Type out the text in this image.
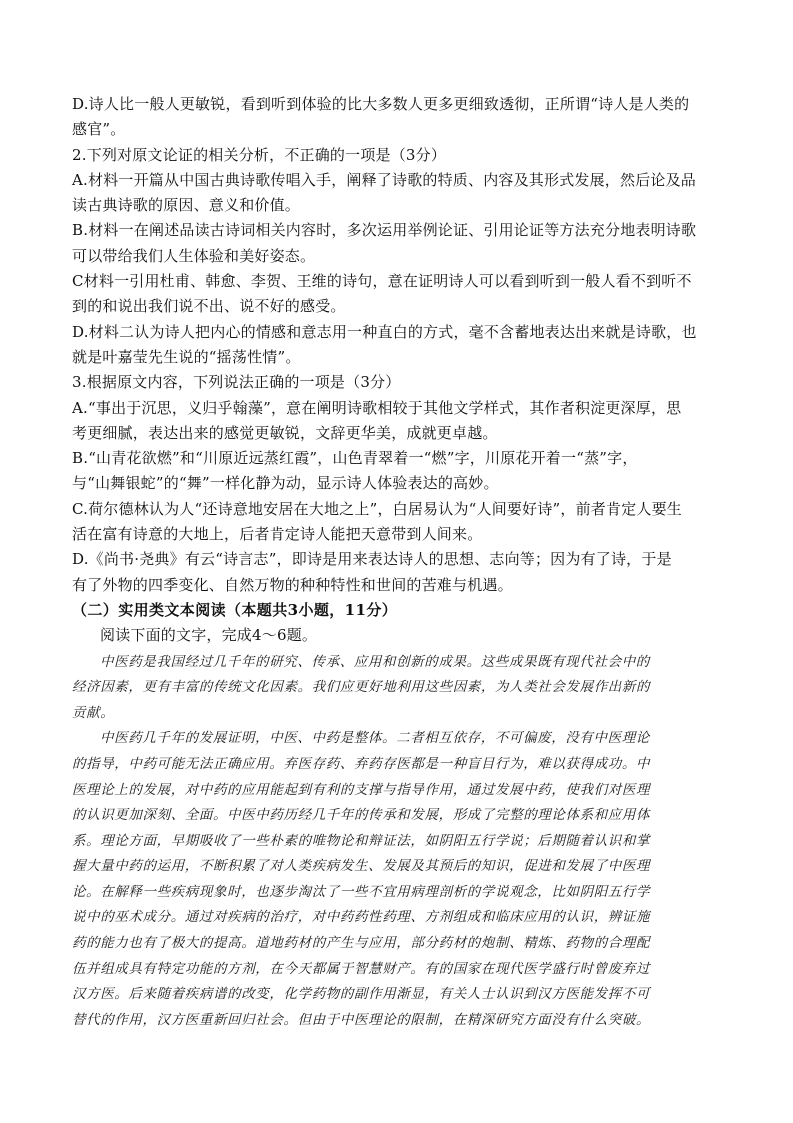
D.诗人比一般人更敏锐，看到听到体验的比大多数人更多更细致透彻，正所谓“诗人是人类的
感官”。
2.下列对原文论证的相关分析，不正确的一项是（3分）
A.材料一开篇从中国古典诗歌传唱入手，阐释了诗歌的特质、内容及其形式发展，然后论及品
读古典诗歌的原因、意义和价值。
B.材料一在阐述品读古诗词相关内容时，多次运用举例论证、引用论证等方法充分地表明诗歌
可以带给我们人生体验和美好姿态。
C材料一引用杜甫、韩愈、李贺、王维的诗句，意在证明诗人可以看到听到一般人看不到听不
到的和说出我们说不出、说不好的感受。
D.材料二认为诗人把内心的情感和意志用一种直白的方式，毫不含蓄地表达出来就是诗歌，也
就是叶嘉莹先生说的“摇荡性情”。
3.根据原文内容，下列说法正确的一项是（3分）
A.“事出于沉思，义归乎翰藻”，意在阐明诗歌相较于其他文学样式，其作者积淀更深厚，思
考更细腻，表达出来的感觉更敏锐，文辞更华美，成就更卓越。
B.“山青花欲燃”和“川原近远蒸红霞”，山色青翠着一“燃”字，川原花开着一“蒸”字，
与“山舞银蛇”的“舞”一样化静为动，显示诗人体验表达的高妙。
C.荷尔德林认为人“还诗意地安居在大地之上”，白居易认为“人间要好诗”，前者肯定人要生
活在富有诗意的大地上，后者肯定诗人能把天意带到人间来。
D.《尚书·尧典》有云“诗言志”，即诗是用来表达诗人的思想、志向等；因为有了诗，于是
有了外物的四季变化、自然万物的种种特性和世间的苦难与机遇。
（二）实用类文本阅读（本题共3小题，11分）
阅读下面的文字，完成4～6题。
中医药是我国经过几千年的研究、传承、应用和创新的成果。这些成果既有现代社会中的
经济因素，更有丰富的传统文化因素。我们应更好地利用这些因素，为人类社会发展作出新的
贡献。
中医药几千年的发展证明，中医、中药是整体。二者相互依存，不可偏废，没有中医理论
的指导，中药可能无法正确应用。弃医存药、弃药存医都是一种盲目行为，难以获得成功。中
医理论上的发展，对中药的应用能起到有利的支撑与指导作用，通过发展中药，使我们对医理
的认识更加深刻、全面。中医中药历经几千年的传承和发展，形成了完整的理论体系和应用体
系。理论方面，早期吸收了一些朴素的唯物论和辩证法，如阴阳五行学说；后期随着认识和掌
握大量中药的运用，不断积累了对人类疾病发生、发展及其预后的知识，促进和发展了中医理
论。在解释一些疾病现象时，也逐步淘汰了一些不宜用病理剖析的学说观念，比如阴阳五行学
说中的巫术成分。通过对疾病的治疗，对中药药性药理、方剂组成和临床应用的认识，辨证施
药的能力也有了极大的提高。道地药材的产生与应用，部分药材的炮制、精炼、药物的合理配
伍并组成具有特定功能的方剂，在今天都属于智慧财产。有的国家在现代医学盛行时曾废弃过
汉方医。后来随着疾病谱的改变，化学药物的副作用渐显，有关人士认识到汉方医能发挥不可
替代的作用，汉方医重新回归社会。但由于中医理论的限制，在精深研究方面没有什么突破。
